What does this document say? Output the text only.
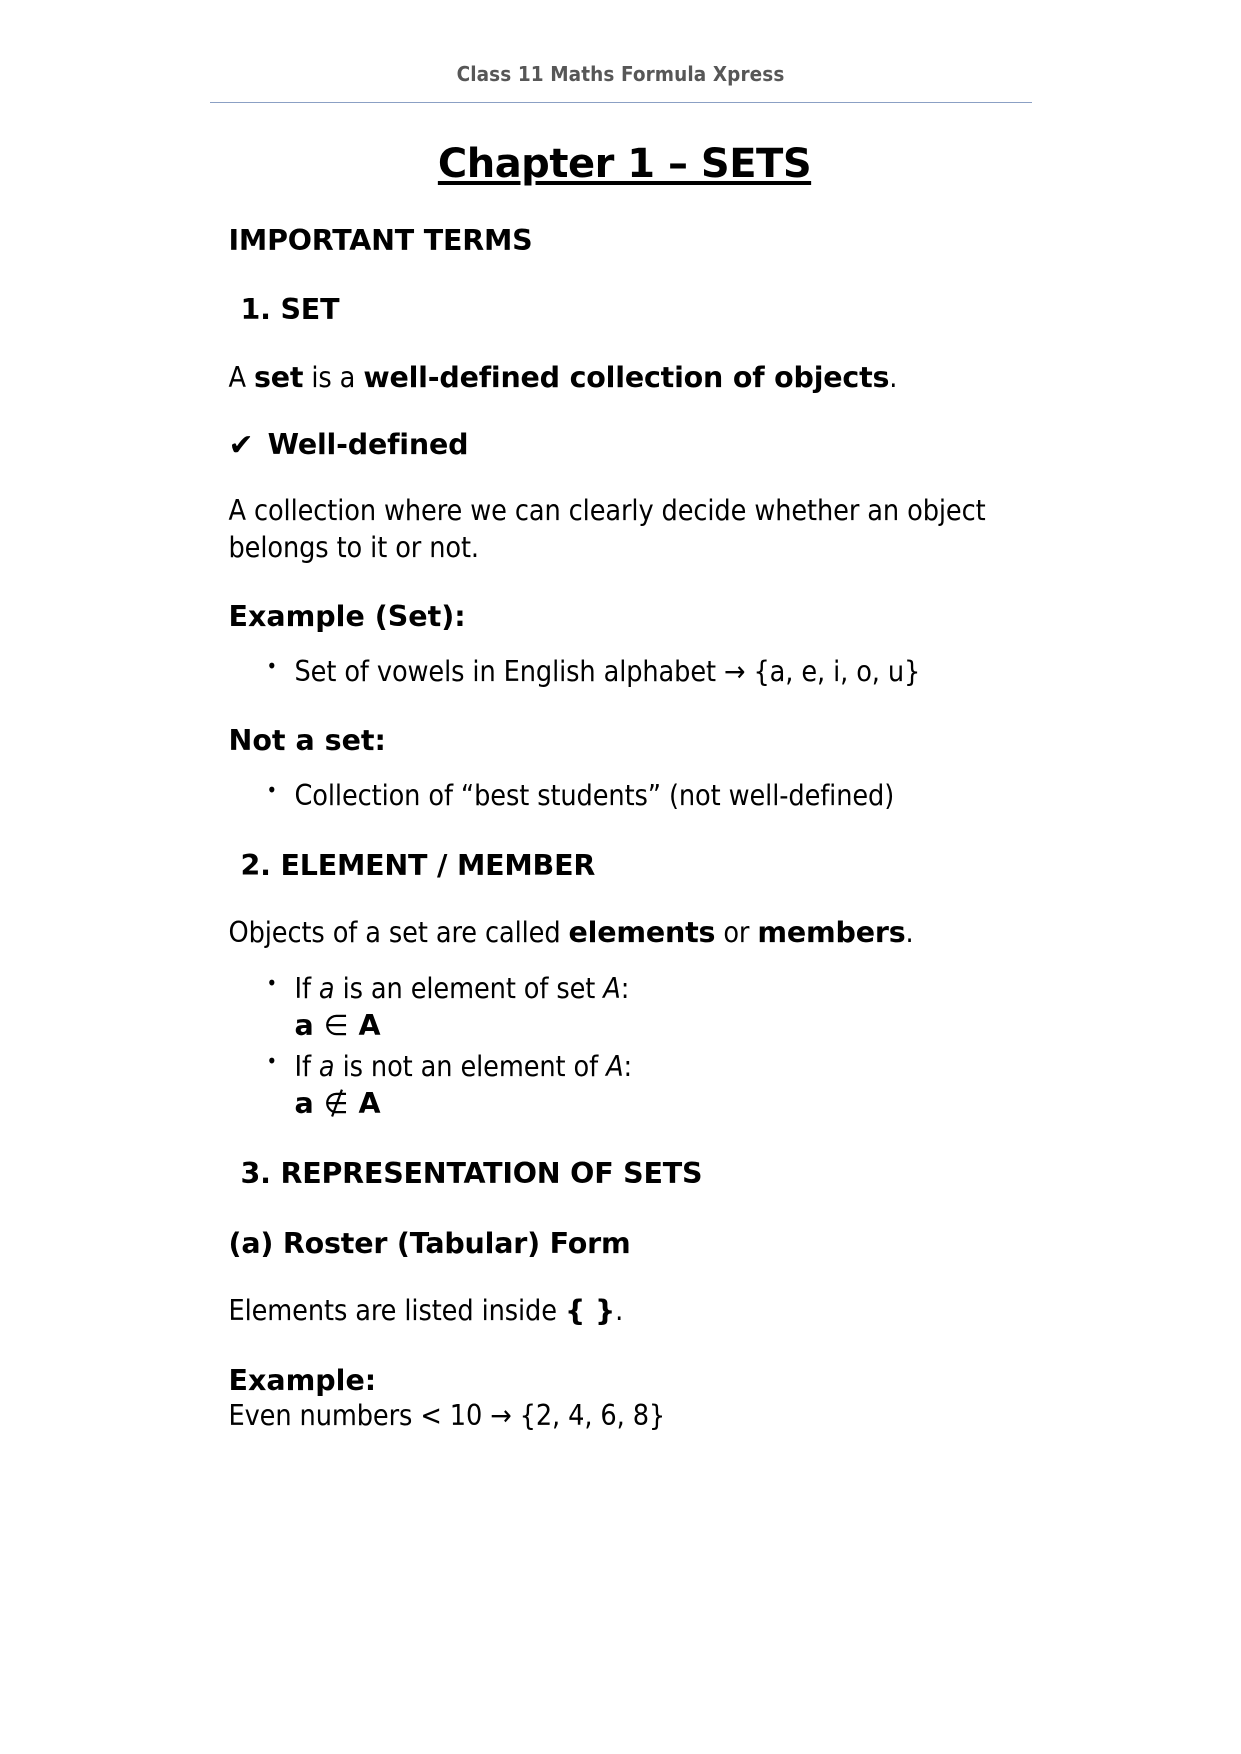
Class 11 Maths Formula Xpress
Chapter 1 – SETS
IMPORTANT TERMS
1. SET

A set is a well-defined collection of objects.

✔ Well-defined

A collection where we can clearly decide whether an object belongs to it or not.

Example (Set):

• Set of vowels in English alphabet → {a, e, i, o, u}

Not a set:

• Collection of “best students” (not well-defined)
2. ELEMENT / MEMBER

Objects of a set are called elements or members.

• If a is an element of set A:
a ∈ A
• If a is not an element of A:
a ∉ A
3. REPRESENTATION OF SETS
(a) Roster (Tabular) Form

Elements are listed inside { }.

Example:

Even numbers < 10 → {2, 4, 6, 8}
